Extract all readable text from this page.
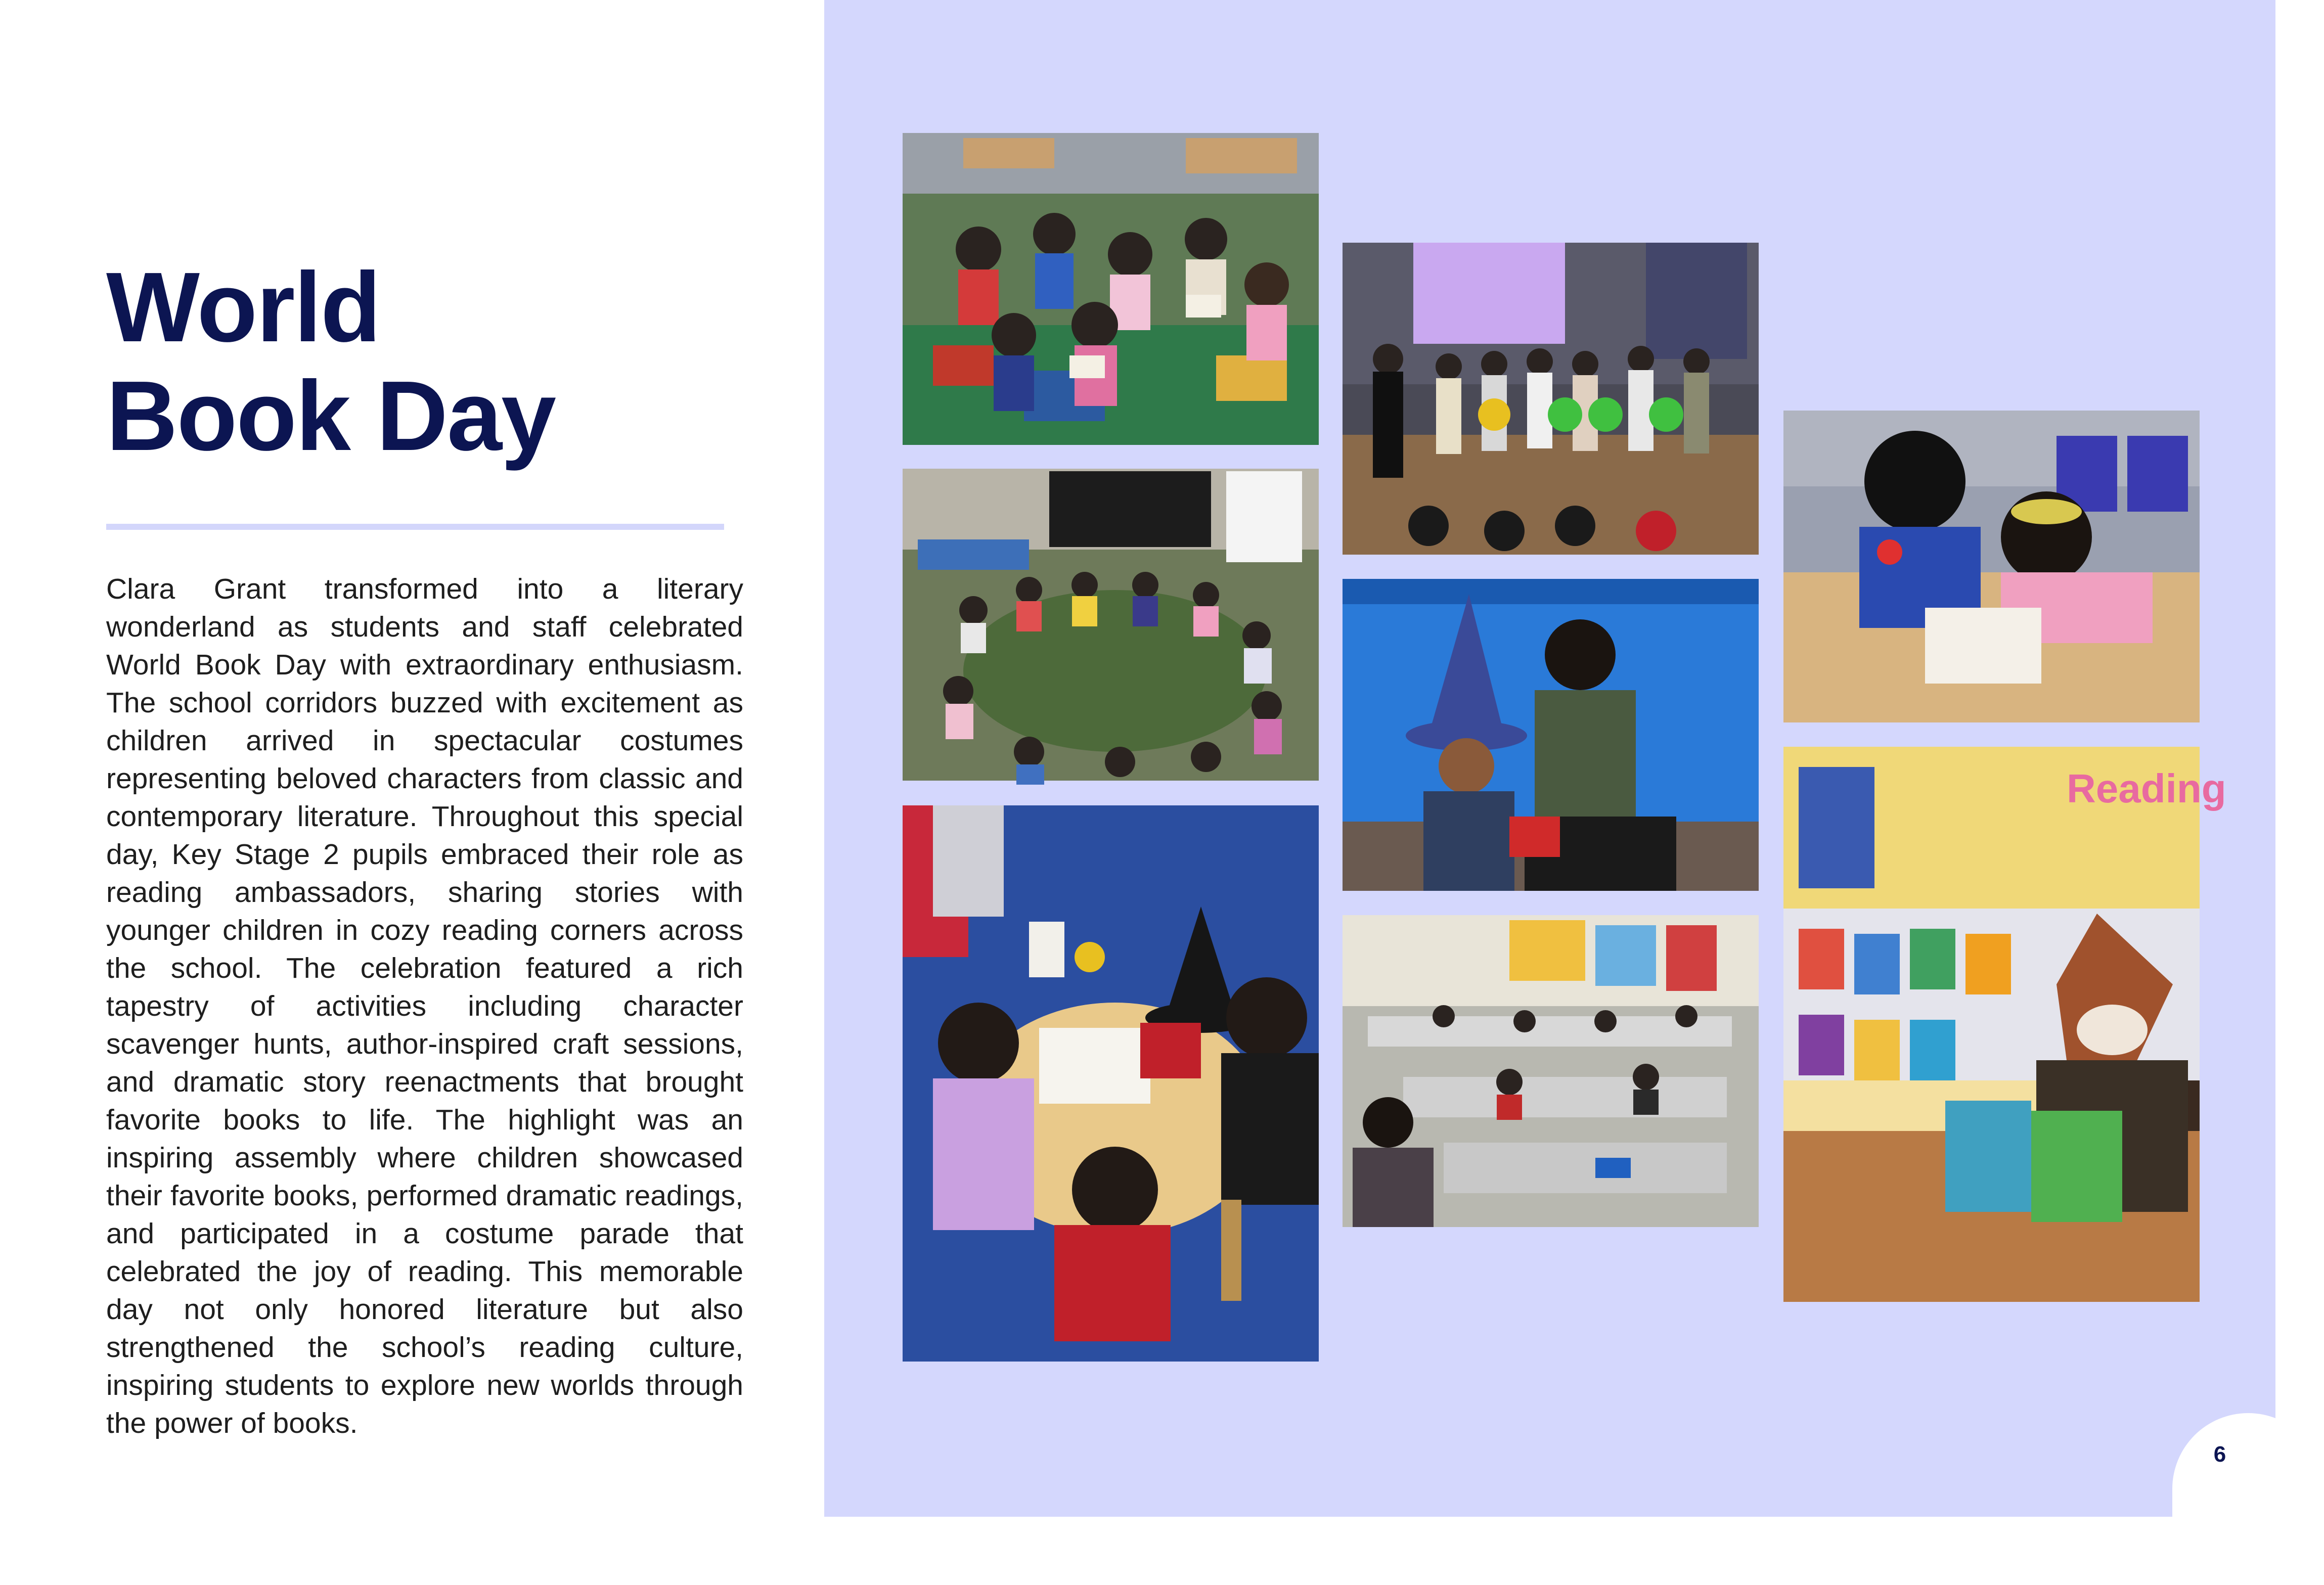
World
Book Day

Clara Grant transformed into a literary wonderland as students and staff celebrated World Book Day with extraordinary enthusiasm. The school corridors buzzed with excitement as children arrived in spectacular costumes representing beloved characters from classic and contemporary literature. Throughout this special day, Key Stage 2 pupils embraced their role as reading ambassadors, sharing stories with younger children in cozy reading corners across the school. The celebration featured a rich tapestry of activities including character scavenger hunts, author-inspired craft sessions, and dramatic story reenactments that brought favorite books to life. The highlight was an inspiring assembly where children showcased their favorite books, performed dramatic readings, and participated in a costume parade that celebrated the joy of reading. This memorable day not only honored literature but also strengthened the school’s reading culture, inspiring students to explore new worlds through the power of books.

Reading
6
